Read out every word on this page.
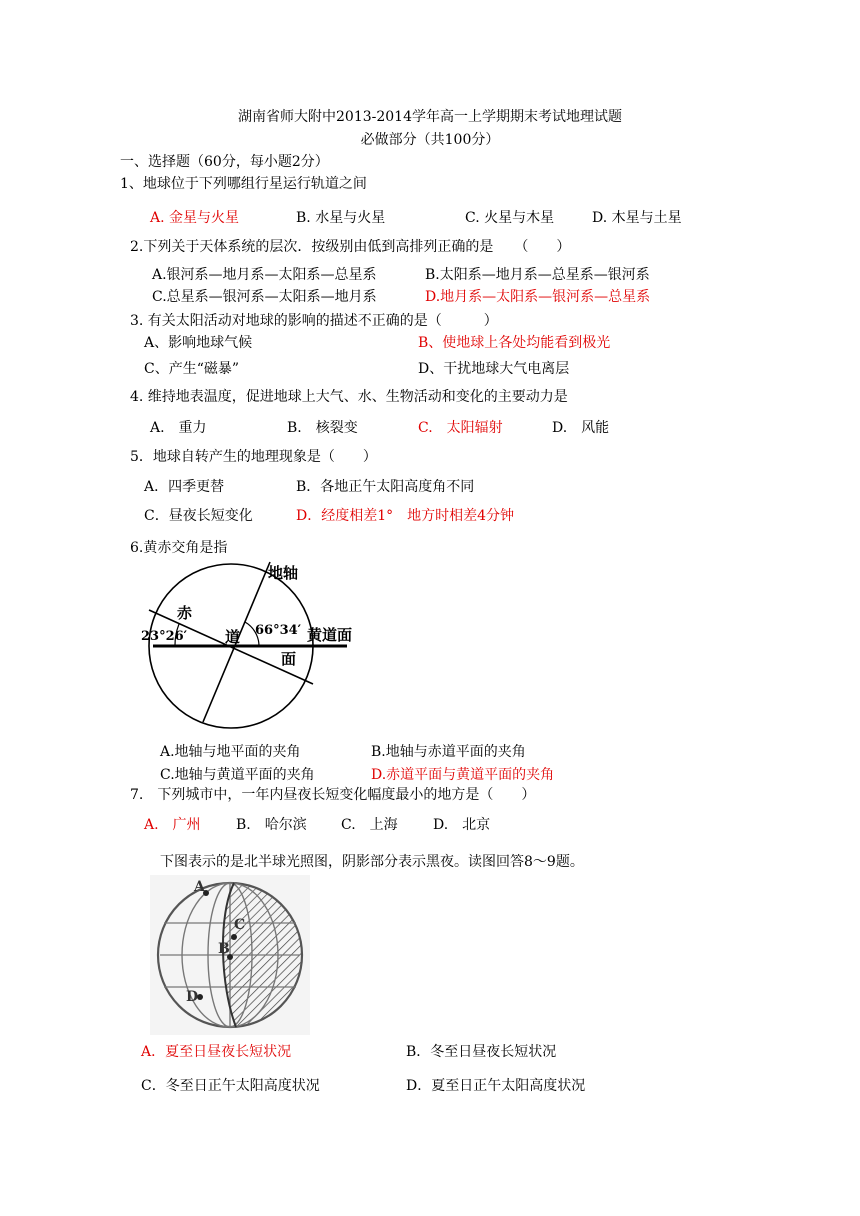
湖南省师大附中2013-2014学年高一上学期期末考试地理试题
必做部分（共100分）
一、选择题（60分，每小题2分）
1、地球位于下列哪组行星运行轨道之间
A. 金星与火星	B. 水星与火星	C. 火星与木星	D. 木星与土星
2.下列关于天体系统的层次．按级别由低到高排列正确的是　　（　　）
A.银河系—地月系—太阳系—总星系	B.太阳系—地月系—总星系—银河系
C.总星系—银河系—太阳系—地月系	D.地月系—太阳系—银河系—总星系
3. 有关太阳活动对地球的影响的描述不正确的是（　　　）
A、影响地球气候	B、使地球上各处均能看到极光
C、产生“磁暴”	D、干扰地球大气电离层
4. 维持地表温度，促进地球上大气、水、生物活动和变化的主要动力是
A.　重力	B.　核裂变	C.　太阳辐射	D.　风能
5．地球自转产生的地理现象是（　　）
A．四季更替	B．各地正午太阳高度角不同
C．昼夜长短变化	D．经度相差1°　地方时相差4分钟
6.黄赤交角是指
地轴
黄道面
赤
道
面
23°26′	66°34′
A.地轴与地平面的夹角	B.地轴与赤道平面的夹角
C.地轴与黄道平面的夹角	D.赤道平面与黄道平面的夹角
7.　下列城市中，一年内昼夜长短变化幅度最小的地方是（　　）
A.　广州	B.　哈尔滨 C.　上海	D.　北京
下图表示的是北半球光照图，阴影部分表示黑夜。读图回答8～9题。
A
C
B
D
A．夏至日昼夜长短状况	B．冬至日昼夜长短状况
C．冬至日正午太阳高度状况	D．夏至日正午太阳高度状况
